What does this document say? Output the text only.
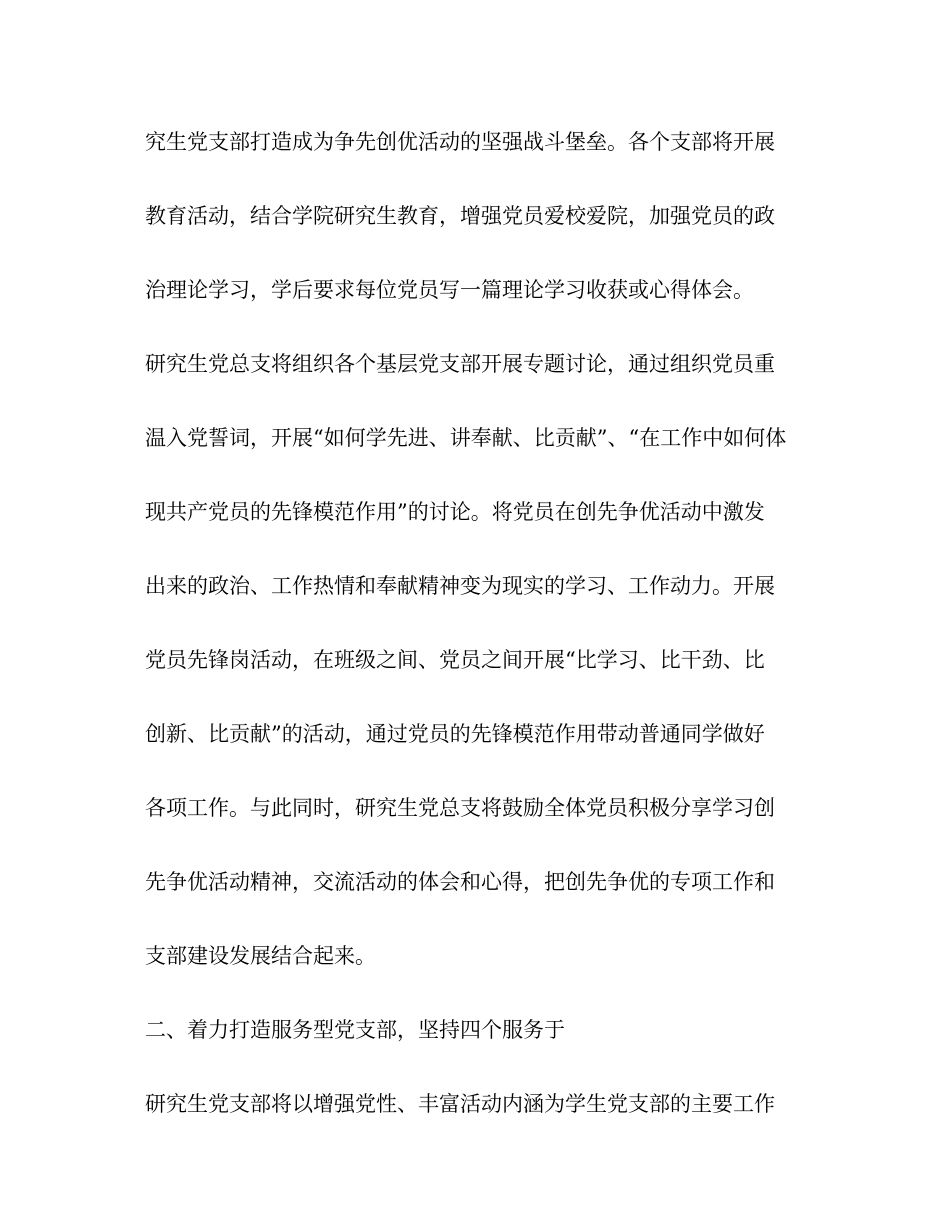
究生党支部打造成为争先创优活动的坚强战斗堡垒。各个支部将开展
教育活动，结合学院研究生教育，增强党员爱校爱院，加强党员的政
治理论学习，学后要求每位党员写一篇理论学习收获或心得体会。
研究生党总支将组织各个基层党支部开展专题讨论，通过组织党员重
温入党誓词，开展“如何学先进、讲奉献、比贡献”、“在工作中如何体
现共产党员的先锋模范作用”的讨论。将党员在创先争优活动中激发
出来的政治、工作热情和奉献精神变为现实的学习、工作动力。开展
党员先锋岗活动，在班级之间、党员之间开展“比学习、比干劲、比
创新、比贡献”的活动，通过党员的先锋模范作用带动普通同学做好
各项工作。与此同时，研究生党总支将鼓励全体党员积极分享学习创
先争优活动精神，交流活动的体会和心得，把创先争优的专项工作和
支部建设发展结合起来。
二、着力打造服务型党支部，坚持四个服务于
研究生党支部将以增强党性、丰富活动内涵为学生党支部的主要工作
